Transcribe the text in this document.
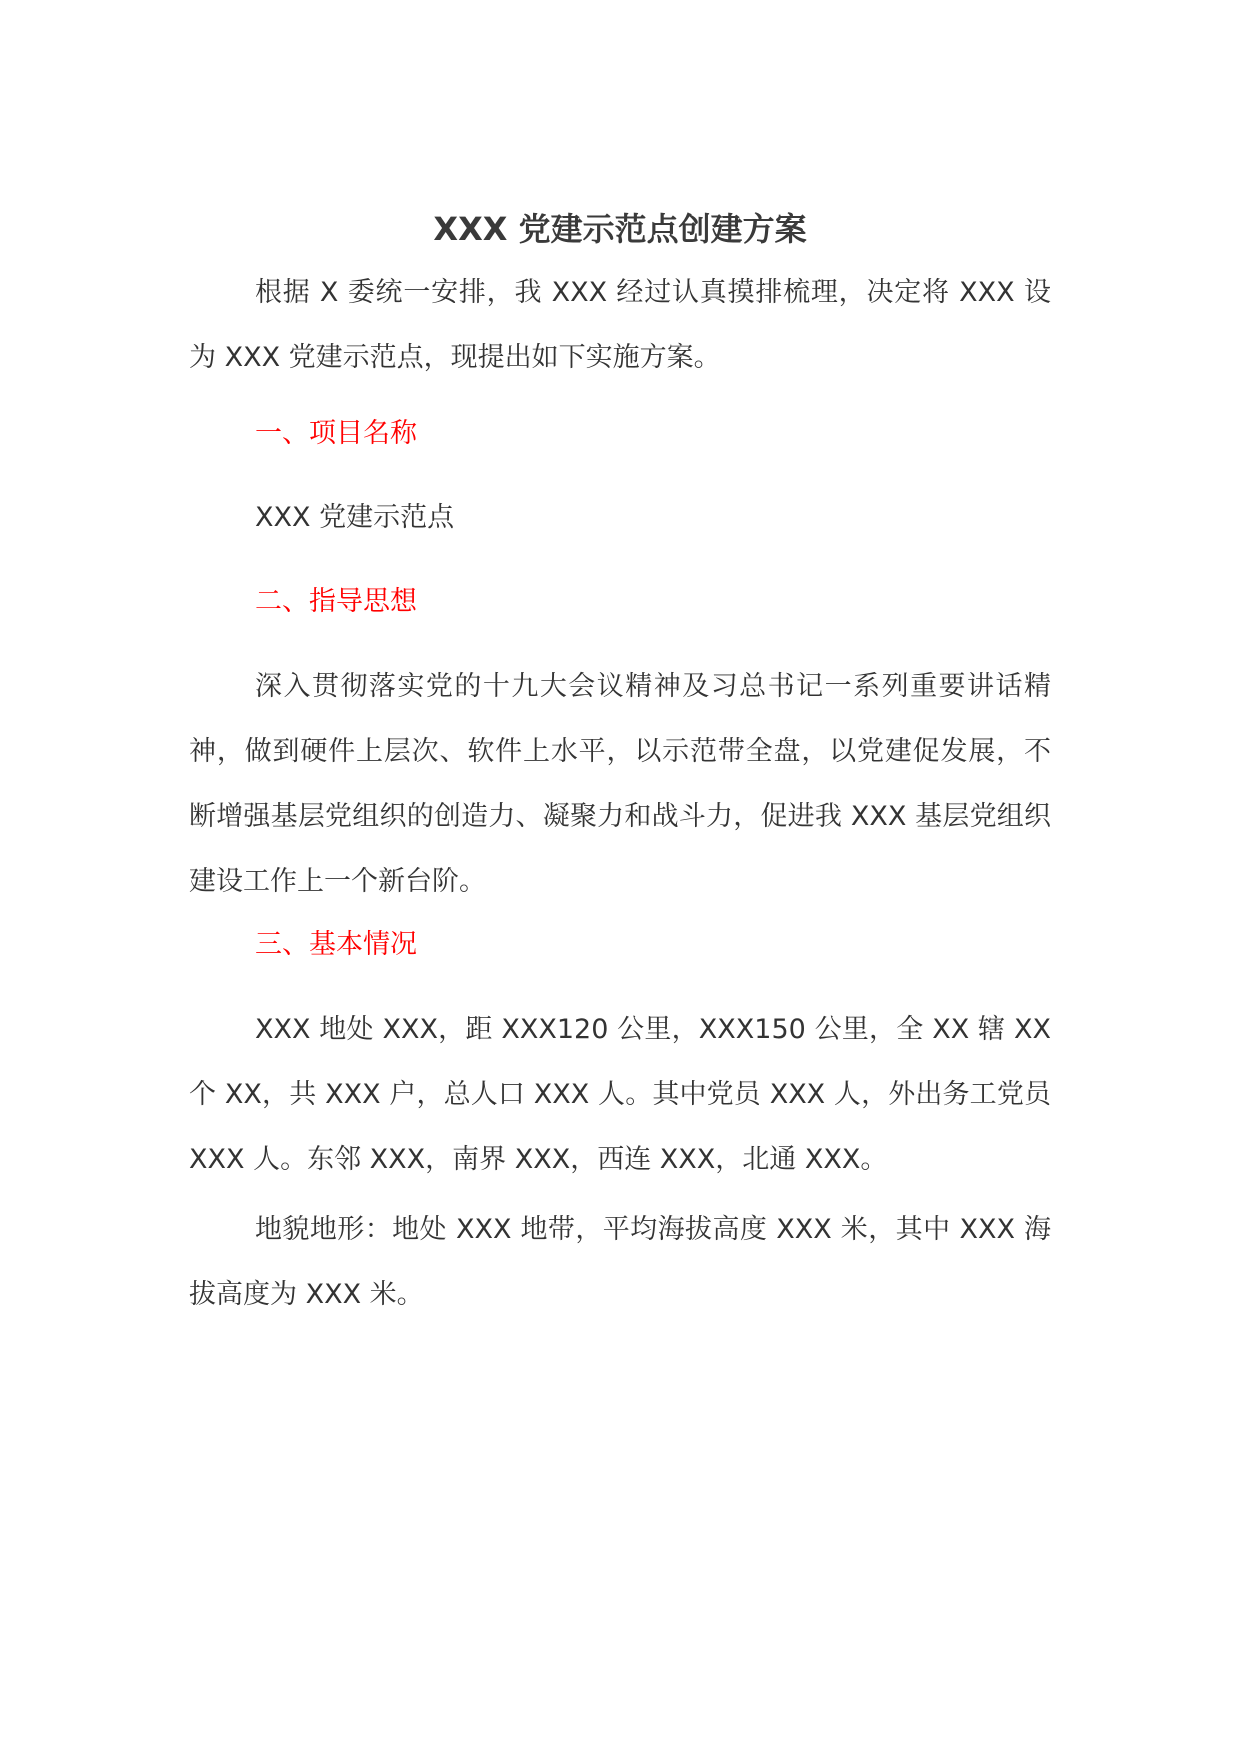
XXX 党建示范点创建方案

根据 X 委统一安排，我 XXX 经过认真摸排梳理，决定将 XXX 设为 XXX 党建示范点，现提出如下实施方案。

一、项目名称

XXX 党建示范点

二、指导思想

深入贯彻落实党的十九大会议精神及习总书记一系列重要讲话精神，做到硬件上层次、软件上水平，以示范带全盘，以党建促发展，不断增强基层党组织的创造力、凝聚力和战斗力，促进我 XXX 基层党组织建设工作上一个新台阶。

三、基本情况

XXX 地处 XXX，距 XXX120 公里，XXX150 公里，全 XX 辖 XX 个 XX，共 XXX 户，总人口 XXX 人。其中党员 XXX 人，外出务工党员 XXX 人。东邻 XXX，南界 XXX，西连 XXX，北通 XXX。

地貌地形：地处 XXX 地带，平均海拔高度 XXX 米，其中 XXX 海拔高度为 XXX 米。
